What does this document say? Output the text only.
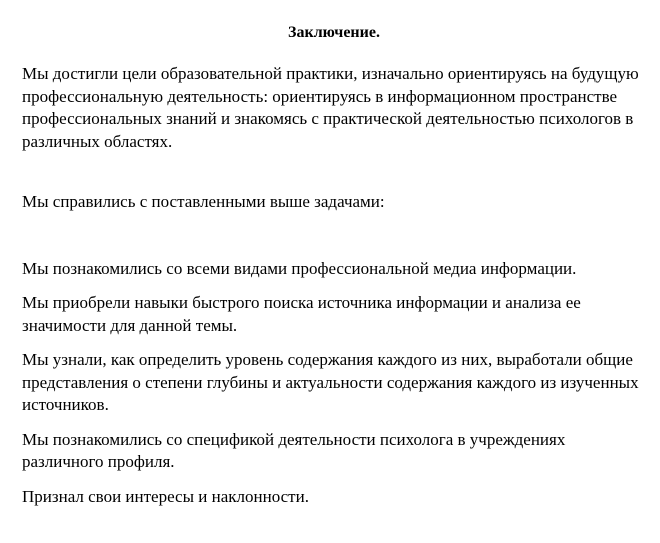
Заключение.

Мы достигли цели образовательной практики, изначально ориентируясь на будущую профессиональную деятельность: ориентируясь в информационном пространстве профессиональных знаний и знакомясь с практической деятельностью психологов в различных областях.

Мы справились с поставленными выше задачами:

Мы познакомились со всеми видами профессиональной медиа информации.

Мы приобрели навыки быстрого поиска источника информации и анализа ее значимости для данной темы.

Мы узнали, как определить уровень содержания каждого из них, выработали общие представления о степени глубины и актуальности содержания каждого из изученных источников.

Мы познакомились со спецификой деятельности психолога в учреждениях различного профиля.

Признал свои интересы и наклонности.
